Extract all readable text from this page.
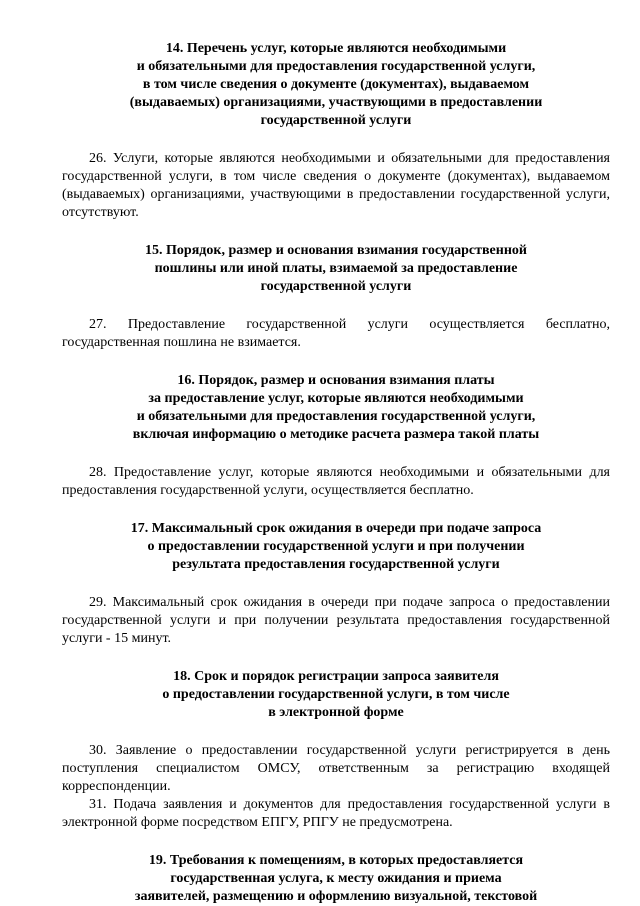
14. Перечень услуг, которые являются необходимыми
и обязательными для предоставления государственной услуги,
в том числе сведения о документе (документах), выдаваемом
(выдаваемых) организациями, участвующими в предоставлении
государственной услуги

26. Услуги, которые являются необходимыми и обязательными для предоставления государственной услуги, в том числе сведения о документе (документах), выдаваемом (выдаваемых) организациями, участвующими в предоставлении государственной услуги, отсутствуют.

15. Порядок, размер и основания взимания государственной
пошлины или иной платы, взимаемой за предоставление
государственной услуги

27. Предоставление государственной услуги осуществляется бесплатно, государственная пошлина не взимается.

16. Порядок, размер и основания взимания платы
за предоставление услуг, которые являются необходимыми
и обязательными для предоставления государственной услуги,
включая информацию о методике расчета размера такой платы

28. Предоставление услуг, которые являются необходимыми и обязательными для предоставления государственной услуги, осуществляется бесплатно.

17. Максимальный срок ожидания в очереди при подаче запроса
о предоставлении государственной услуги и при получении
результата предоставления государственной услуги

29. Максимальный срок ожидания в очереди при подаче запроса о предоставлении государственной услуги и при получении результата предоставления государственной услуги - 15 минут.

18. Срок и порядок регистрации запроса заявителя
о предоставлении государственной услуги, в том числе
в электронной форме

30. Заявление о предоставлении государственной услуги регистрируется в день поступления специалистом ОМСУ, ответственным за регистрацию входящей корреспонденции.

31. Подача заявления и документов для предоставления государственной услуги в электронной форме посредством ЕПГУ, РПГУ не предусмотрена.

19. Требования к помещениям, в которых предоставляется
государственная услуга, к месту ожидания и приема
заявителей, размещению и оформлению визуальной, текстовой
